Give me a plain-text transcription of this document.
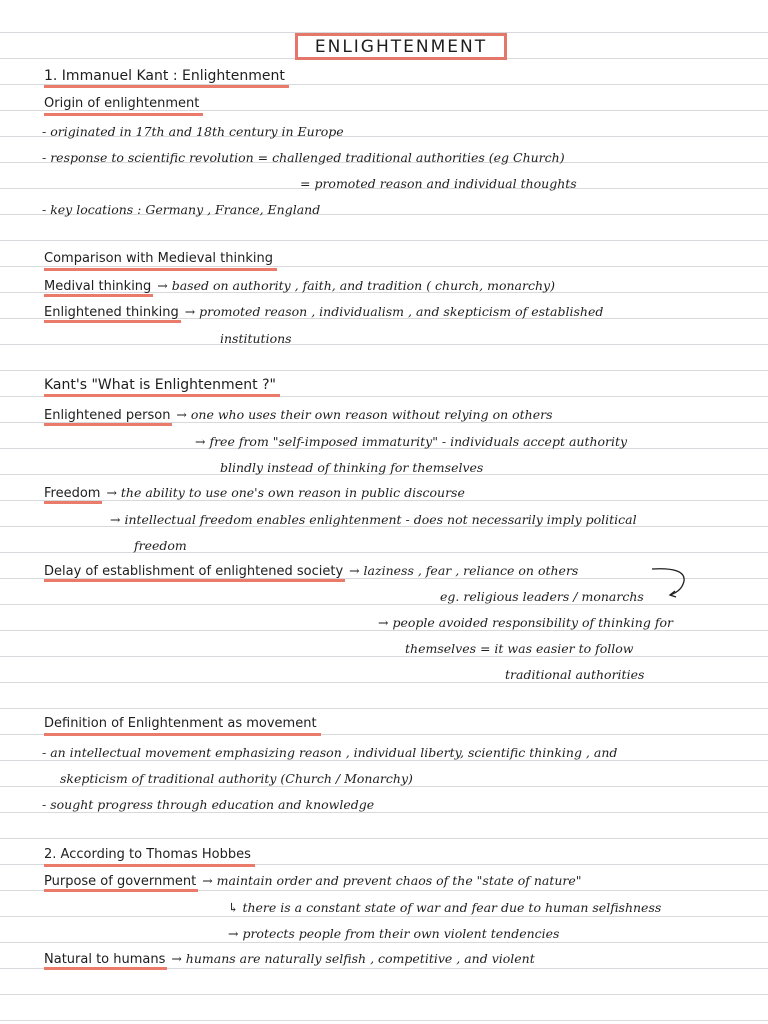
ENLIGHTENMENT
1. Immanuel Kant : Enlightenment
Origin of enlightenment
- originated in 17th and 18th century in Europe
- response to scientific revolution = challenged traditional authorities (eg Church)
= promoted reason and individual thoughts
- key locations : Germany , France, England
Comparison with Medieval thinking
Medival thinking → based on authority , faith, and tradition ( church, monarchy)
Enlightened thinking → promoted reason , individualism , and skepticism of established
institutions
Kant's "What is Enlightenment ?"
Enlightened person → one who uses their own reason without relying on others
→ free from "self-imposed immaturity" - individuals accept authority
blindly instead of thinking for themselves
Freedom → the ability to use one's own reason in public discourse
→ intellectual freedom enables enlightenment - does not necessarily imply political
freedom
Delay of establishment of enlightened society → laziness , fear , reliance on others
eg. religious leaders / monarchs
→ people avoided responsibility of thinking for
themselves = it was easier to follow
traditional authorities
Definition of Enlightenment as movement
- an intellectual movement emphasizing reason , individual liberty, scientific thinking , and
skepticism of traditional authority (Church / Monarchy)
- sought progress through education and knowledge
2. According to Thomas Hobbes
Purpose of government → maintain order and prevent chaos of the "state of nature"
↳ there is a constant state of war and fear due to human selfishness
→ protects people from their own violent tendencies
Natural to humans → humans are naturally selfish , competitive , and violent
